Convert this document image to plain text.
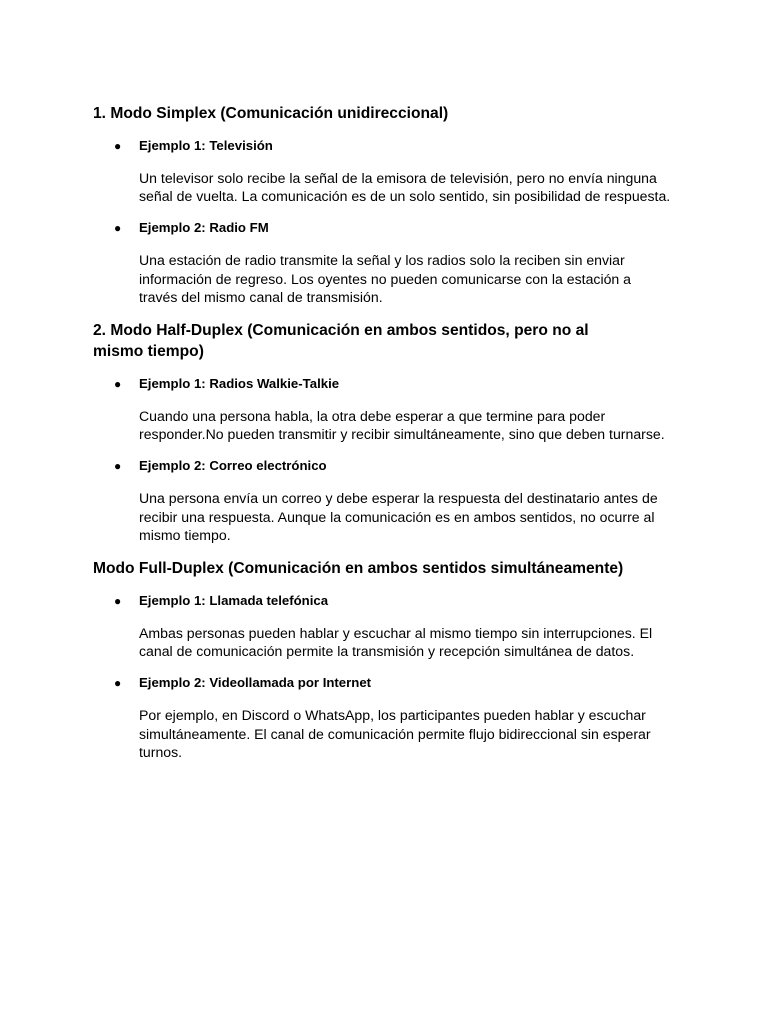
1. Modo Simplex (Comunicación unidireccional)
● Ejemplo 1: Televisión
Un televisor solo recibe la señal de la emisora de televisión, pero no envía ninguna
señal de vuelta. La comunicación es de un solo sentido, sin posibilidad de respuesta.
● Ejemplo 2: Radio FM
Una estación de radio transmite la señal y los radios solo la reciben sin enviar
información de regreso. Los oyentes no pueden comunicarse con la estación a
través del mismo canal de transmisión.
2. Modo Half-Duplex (Comunicación en ambos sentidos, pero no al
mismo tiempo)
● Ejemplo 1: Radios Walkie-Talkie
Cuando una persona habla, la otra debe esperar a que termine para poder
responder.No pueden transmitir y recibir simultáneamente, sino que deben turnarse.
● Ejemplo 2: Correo electrónico
Una persona envía un correo y debe esperar la respuesta del destinatario antes de
recibir una respuesta. Aunque la comunicación es en ambos sentidos, no ocurre al
mismo tiempo.
Modo Full-Duplex (Comunicación en ambos sentidos simultáneamente)
● Ejemplo 1: Llamada telefónica
Ambas personas pueden hablar y escuchar al mismo tiempo sin interrupciones. El
canal de comunicación permite la transmisión y recepción simultánea de datos.
● Ejemplo 2: Videollamada por Internet
Por ejemplo, en Discord o WhatsApp, los participantes pueden hablar y escuchar
simultáneamente. El canal de comunicación permite flujo bidireccional sin esperar
turnos.
